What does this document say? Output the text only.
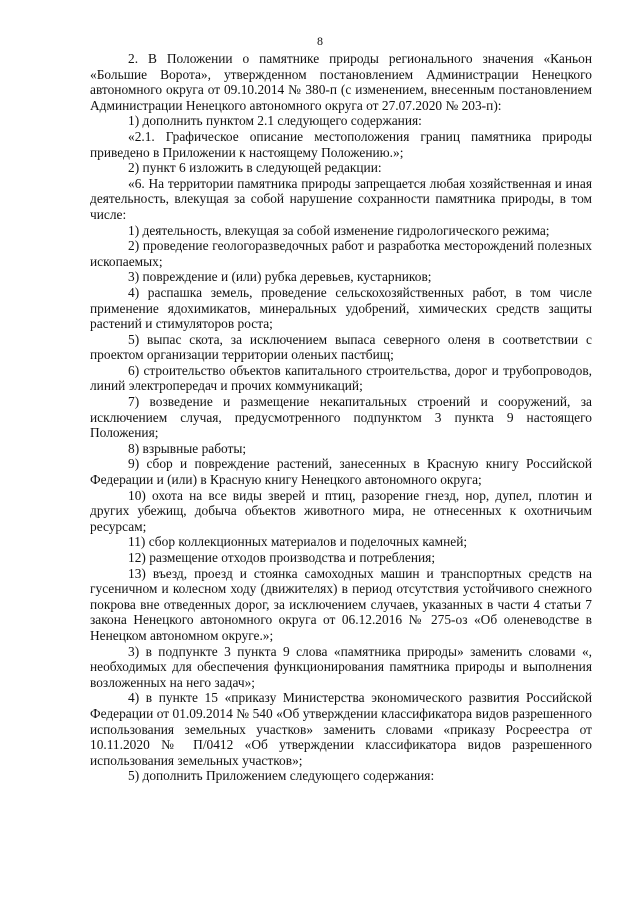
8

2. В Положении о памятнике природы регионального значения «Каньон «Большие Ворота», утвержденном постановлением Администрации Ненецкого автономного округа от 09.10.2014 № 380-п (с изменением, внесенным постановлением Администрации Ненецкого автономного округа от 27.07.2020 № 203-п):

1) дополнить пунктом 2.1 следующего содержания:

«2.1. Графическое описание местоположения границ памятника природы приведено в Приложении к настоящему Положению.»;

2) пункт 6 изложить в следующей редакции:

«6. На территории памятника природы запрещается любая хозяйственная и иная деятельность, влекущая за собой нарушение сохранности памятника природы, в том числе:

1) деятельность, влекущая за собой изменение гидрологического режима;

2) проведение геологоразведочных работ и разработка месторождений полезных ископаемых;

3) повреждение и (или) рубка деревьев, кустарников;

4) распашка земель, проведение сельскохозяйственных работ, в том числе применение ядохимикатов, минеральных удобрений, химических средств защиты растений и стимуляторов роста;

5) выпас скота, за исключением выпаса северного оленя в соответствии с проектом организации территории оленьих пастбищ;

6) строительство объектов капитального строительства, дорог и трубопроводов, линий электропередач и прочих коммуникаций;

7) возведение и размещение некапитальных строений и сооружений, за исключением случая, предусмотренного подпунктом 3 пункта 9 настоящего Положения;

8) взрывные работы;

9) сбор и повреждение растений, занесенных в Красную книгу Российской Федерации и (или) в Красную книгу Ненецкого автономного округа;

10) охота на все виды зверей и птиц, разорение гнезд, нор, дупел, плотин и других убежищ, добыча объектов животного мира, не отнесенных к охотничьим ресурсам;

11) сбор коллекционных материалов и поделочных камней;

12) размещение отходов производства и потребления;

13) въезд, проезд и стоянка самоходных машин и транспортных средств на гусеничном и колесном ходу (движителях) в период отсутствия устойчивого снежного покрова вне отведенных дорог, за исключением случаев, указанных в части 4 статьи 7 закона Ненецкого автономного округа от 06.12.2016 № 275-оз «Об оленеводстве в Ненецком автономном округе.»;

3) в подпункте 3 пункта 9 слова «памятника природы» заменить словами «, необходимых для обеспечения функционирования памятника природы и выполнения возложенных на него задач»;

4) в пункте 15 «приказу Министерства экономического развития Российской Федерации от 01.09.2014 № 540 «Об утверждении классификатора видов разрешенного использования земельных участков» заменить словами «приказу Росреестра от 10.11.2020 № П/0412 «Об утверждении классификатора видов разрешенного использования земельных участков»;

5) дополнить Приложением следующего содержания:
